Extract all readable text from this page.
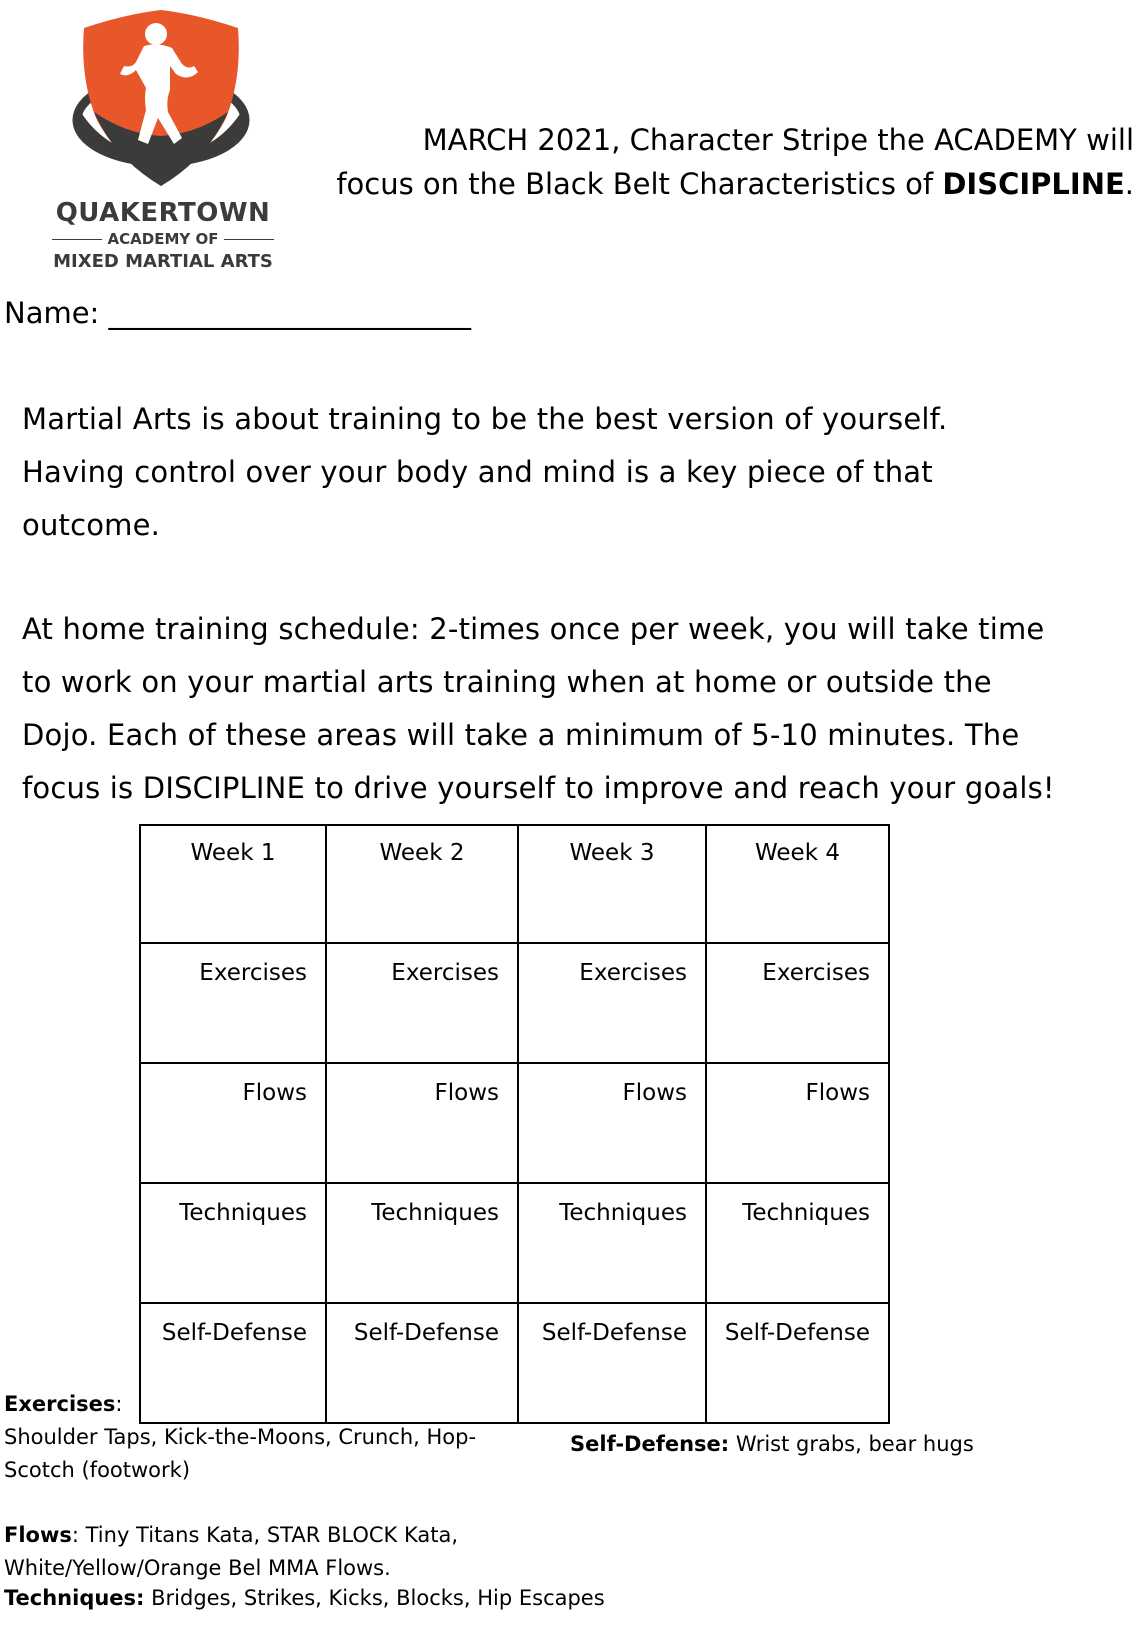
QUAKERTOWN
ACADEMY OF
MIXED MARTIAL ARTS
MARCH 2021, Character Stripe the ACADEMY will
focus on the Black Belt Characteristics of DISCIPLINE.
Name: _________________________
Martial Arts is about training to be the best version of yourself.
Having control over your body and mind is a key piece of that
outcome.
At home training schedule: 2-times once per week, you will take time
to work on your martial arts training when at home or outside the
Dojo. Each of these areas will take a minimum of 5-10 minutes. The
focus is DISCIPLINE to drive yourself to improve and reach your goals!
Week 1	Week 2	Week 3	Week 4
Exercises	Exercises	Exercises	Exercises
Flows	Flows	Flows	Flows
Techniques	Techniques	Techniques	Techniques
Self-Defense	Self-Defense	Self-Defense	Self-Defense
Exercises:
Shoulder Taps, Kick-the-Moons, Crunch, Hop-
Scotch (footwork)
Self-Defense: Wrist grabs, bear hugs
Flows: Tiny Titans Kata, STAR BLOCK Kata,
White/Yellow/Orange Bel MMA Flows.
Techniques: Bridges, Strikes, Kicks, Blocks, Hip Escapes
